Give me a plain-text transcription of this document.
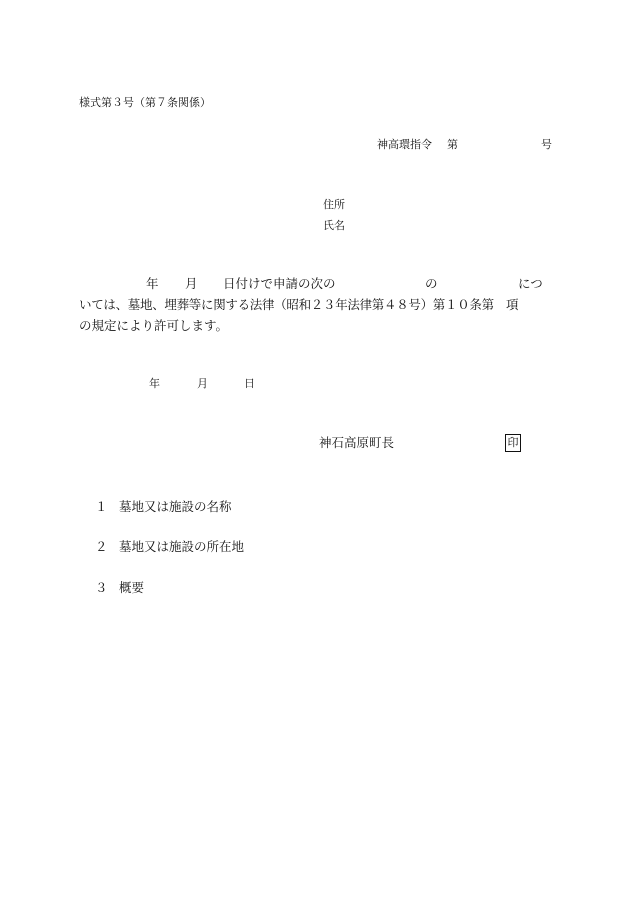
様式第３号（第７条関係）
神高環指令 第	号
住所
氏名
年 月 日付けで申請の次の	の	につ
いては、墓地、埋葬等に関する法律（昭和２３年法律第４８号）第１０条第　項
の規定により許可します。
年	月	日
神石高原町長	印
１ 墓地又は施設の名称
２ 墓地又は施設の所在地
３ 概要
